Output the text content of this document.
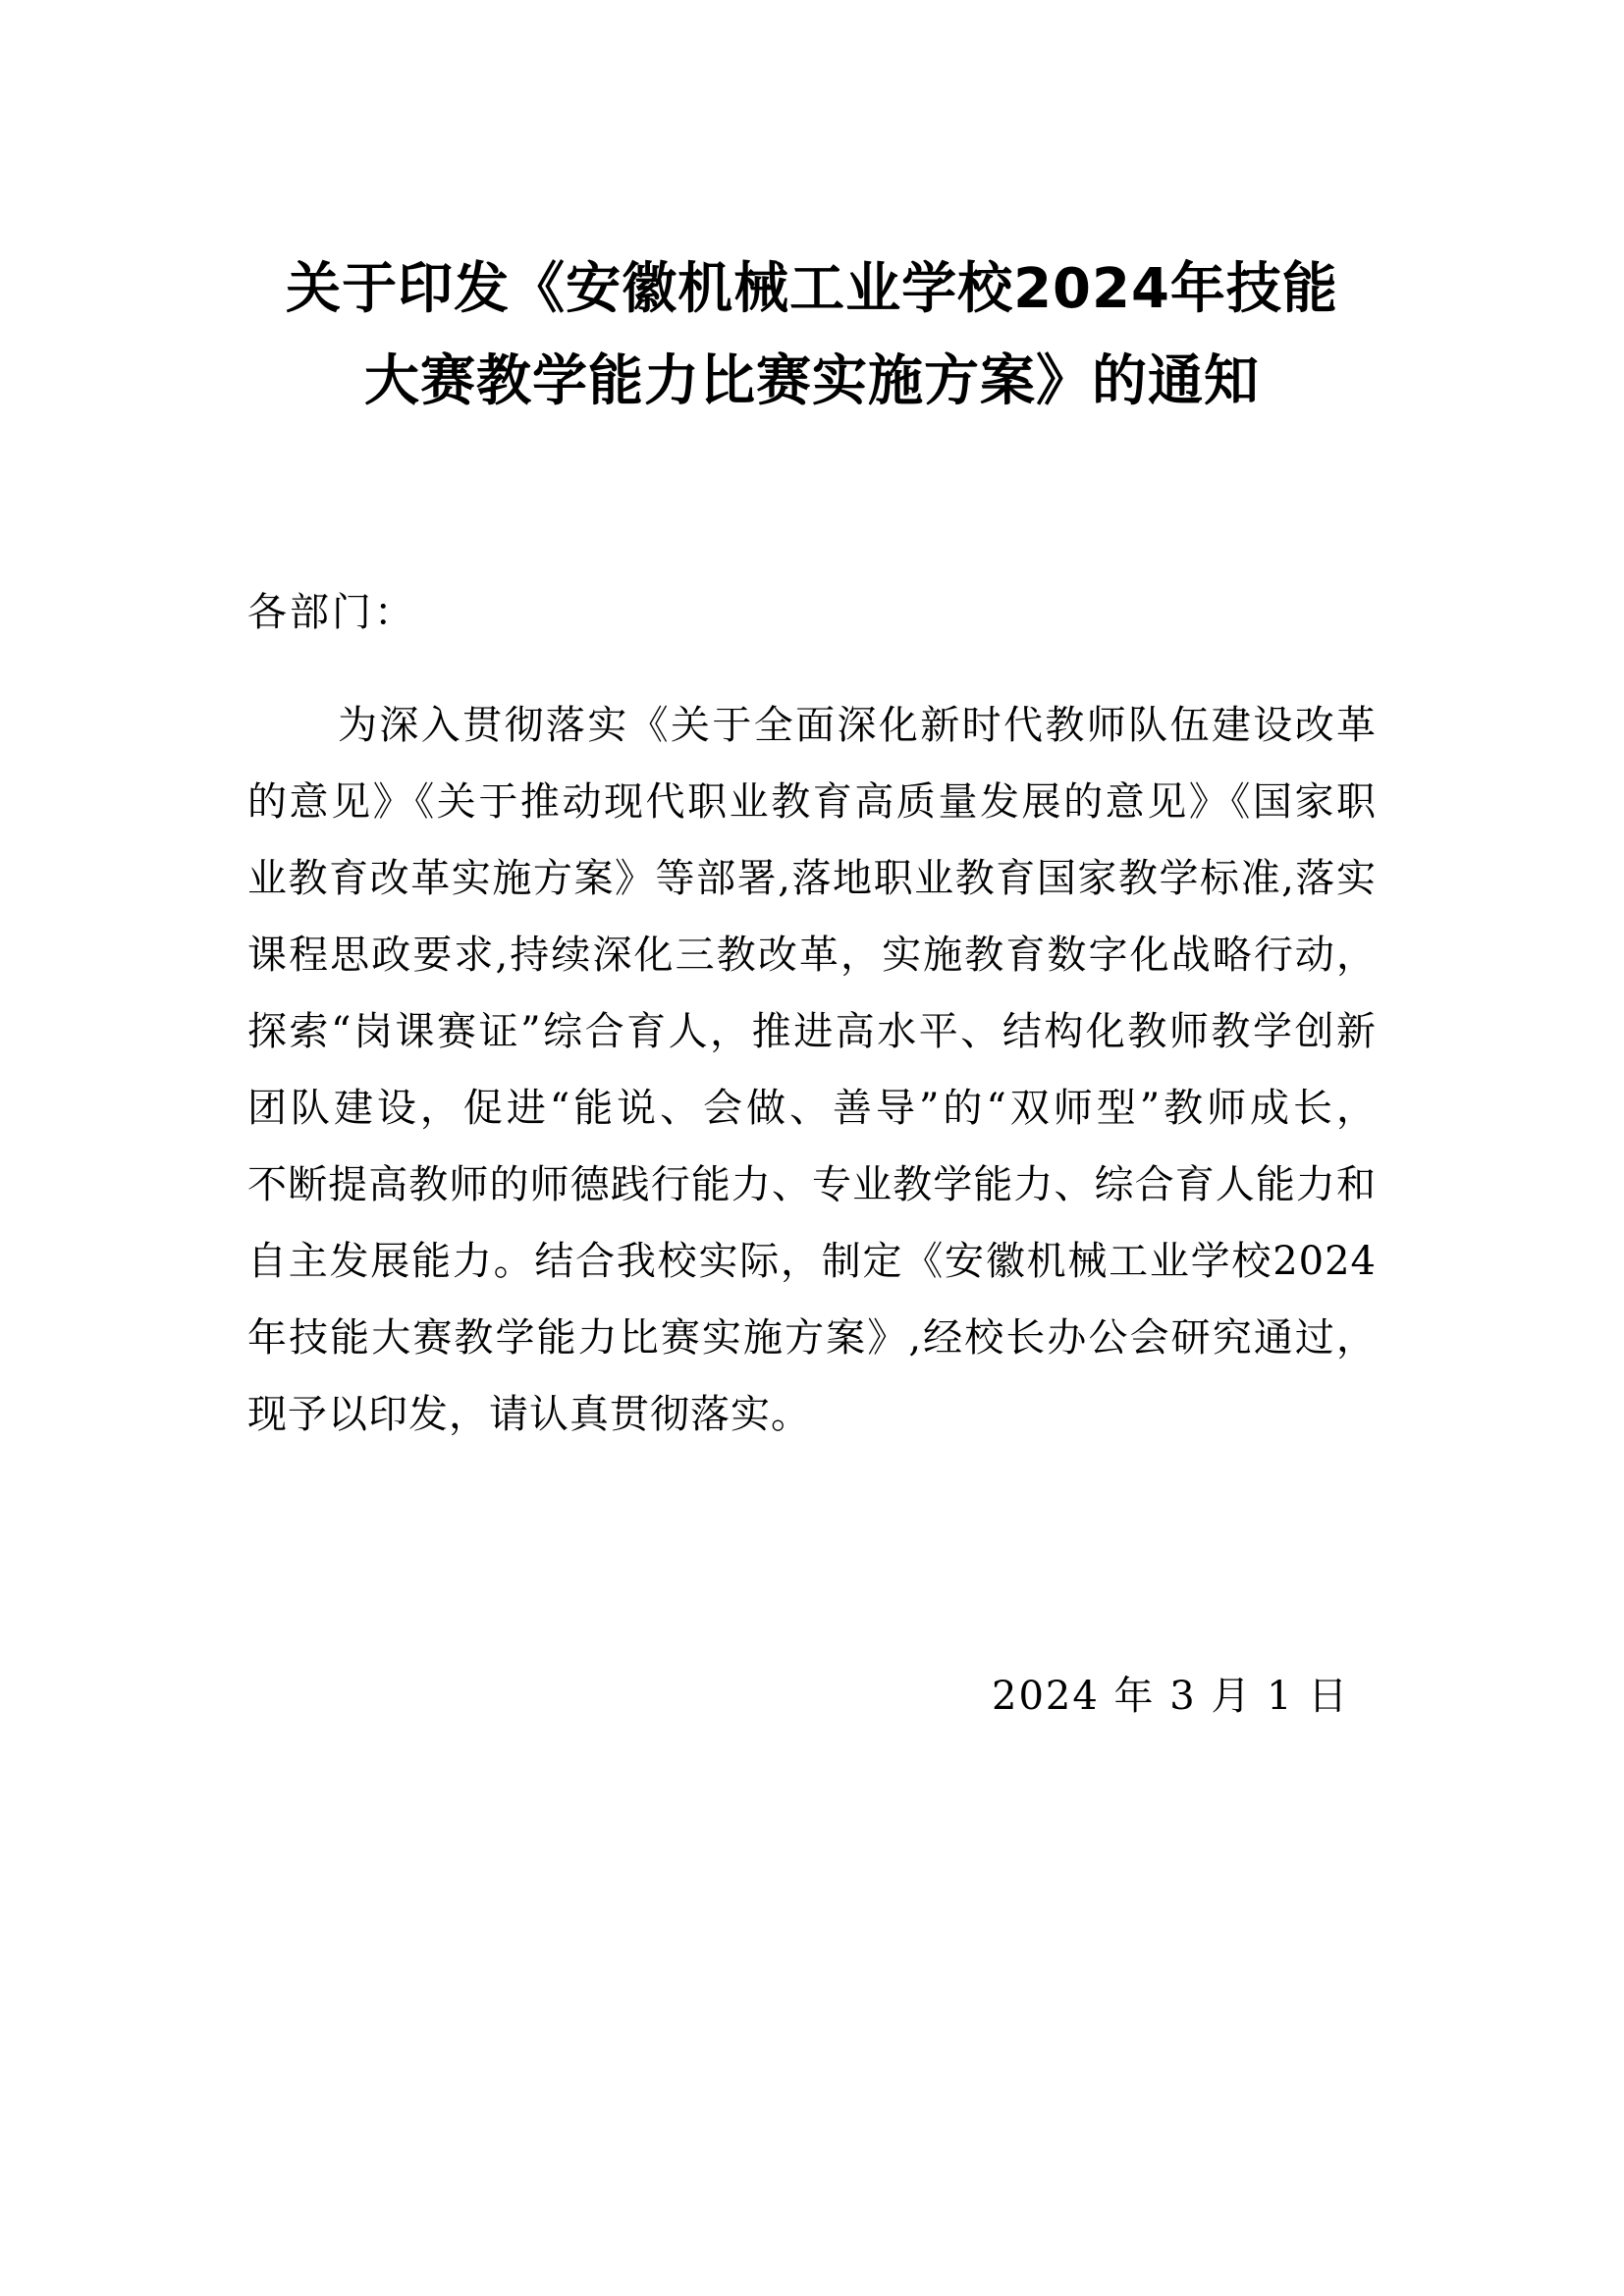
关于印发《安徽机械工业学校2024年技能
大赛教学能力比赛实施方案》的通知

各部门：

为深入贯彻落实《关于全面深化新时代教师队伍建设改革
的意见》《关于推动现代职业教育高质量发展的意见》《国家职
业教育改革实施方案》等部署,落地职业教育国家教学标准,落实
课程思政要求,持续深化三教改革，实施教育数字化战略行动，
探索“岗课赛证”综合育人，推进高水平、结构化教师教学创新
团队建设，促进“能说、会做、善导”的“双师型”教师成长，
不断提高教师的师德践行能力、专业教学能力、综合育人能力和
自主发展能力。结合我校实际，制定《安徽机械工业学校2024
年技能大赛教学能力比赛实施方案》,经校长办公会研究通过，
现予以印发，请认真贯彻落实。

2024 年 3 月 1 日
